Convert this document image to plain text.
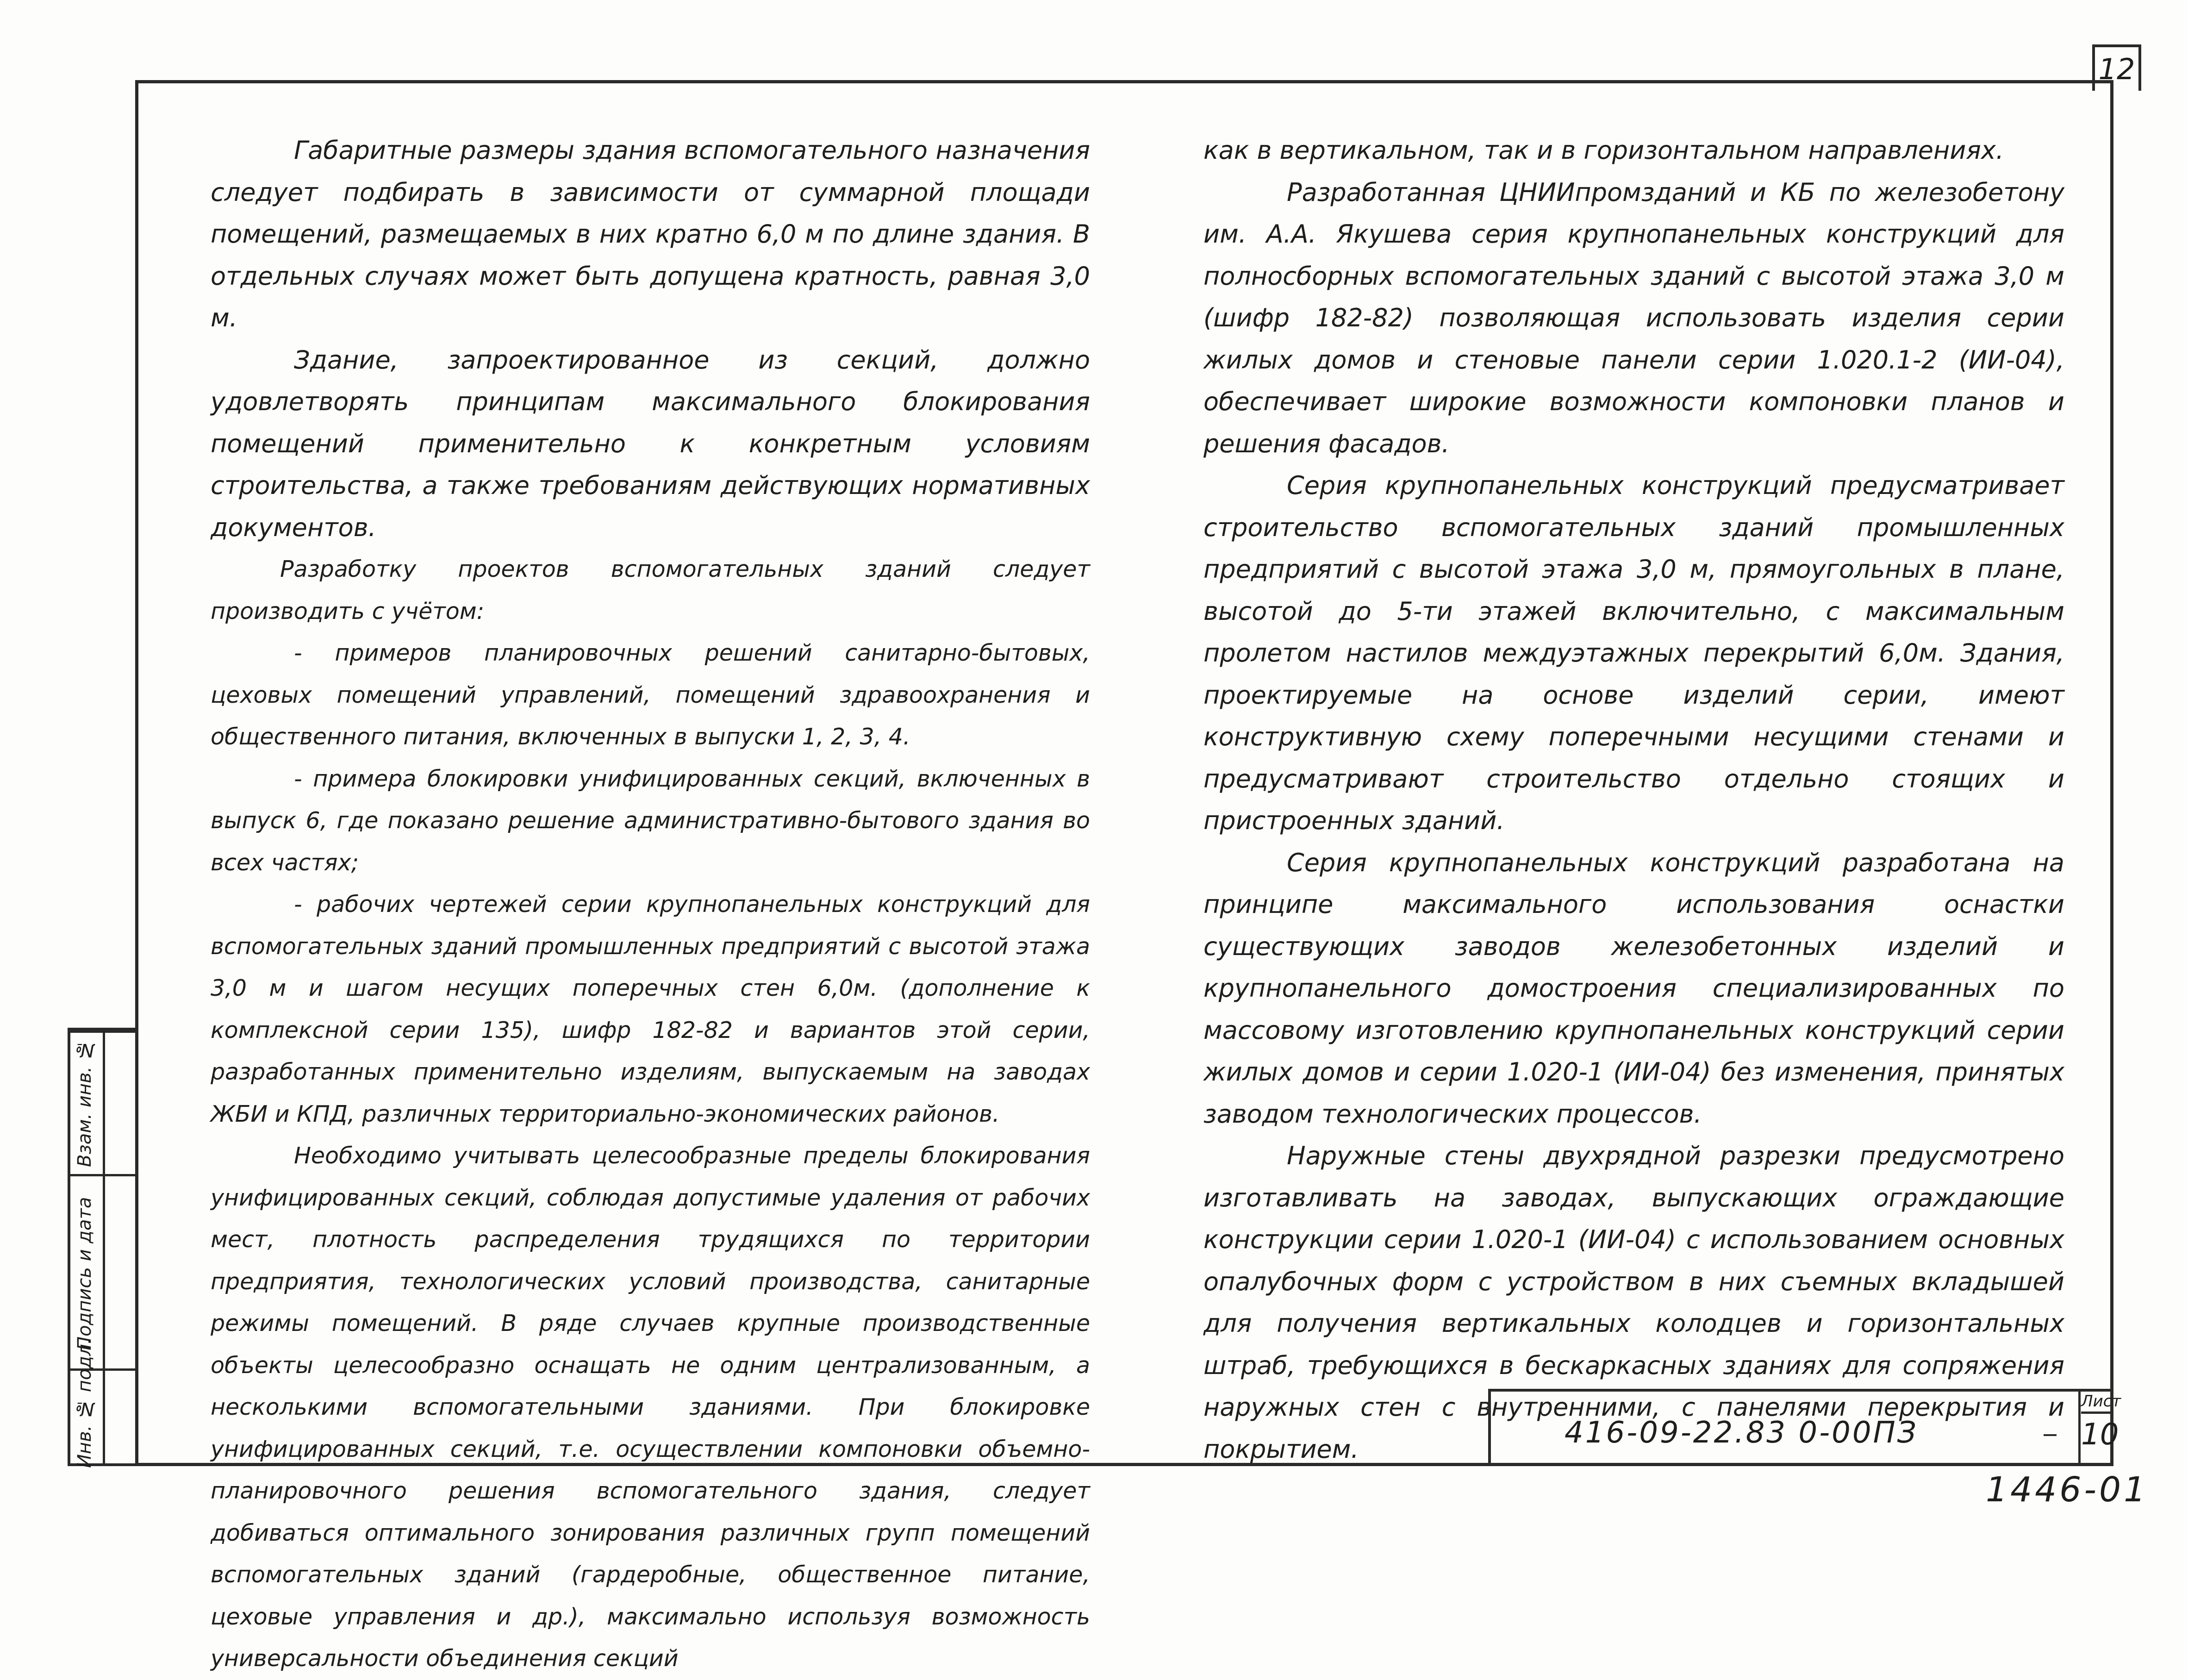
12

Габаритные размеры здания вспомогательного назначения следует подбирать в зависимости от суммарной площади помещений, размещаемых в них кратно 6,0 м по длине здания. В отдельных случаях может быть допущена кратность, равная 3,0 м.

Здание, запроектированное из секций, должно удовлетворять принципам максимального блокирования помещений применительно к конкретным условиям строительства, а также требованиям действующих нормативных документов.

Разработку проектов вспомогательных зданий следует производить с учётом:

- примеров планировочных решений санитарно-бытовых, цеховых помещений управлений, помещений здравоохранения и общественного питания, включенных в выпуски 1, 2, 3, 4.

- примера блокировки унифицированных секций, включенных в выпуск 6, где показано решение административно-бытового здания во всех частях;

- рабочих чертежей серии крупнопанельных конструкций для вспомогательных зданий промышленных предприятий с высотой этажа 3,0 м и шагом несущих поперечных стен 6,0м. (дополнение к комплексной серии 135), шифр 182-82 и вариантов этой серии, разработанных применительно изделиям, выпускаемым на заводах ЖБИ и КПД, различных территориально-экономических районов.

Необходимо учитывать целесообразные пределы блокирования унифицированных секций, соблюдая допустимые удаления от рабочих мест, плотность распределения трудящихся по территории предприятия, технологических условий производства, санитарные режимы помещений. В ряде случаев крупные производственные объекты целесообразно оснащать не одним централизованным, а несколькими вспомогательными зданиями. При блокировке унифицированных секций, т.е. осуществлении компоновки объемно-планировочного решения вспомогательного здания, следует добиваться оптимального зонирования различных групп помещений вспомогательных зданий (гардеробные, общественное питание, цеховые управления и др.), максимально используя возможность универсальности объединения секций

как в вертикальном, так и в горизонтальном направлениях.

Разработанная ЦНИИпромзданий и КБ по железобетону им. А.А. Якушева серия крупнопанельных конструкций для полносборных вспомогательных зданий с высотой этажа 3,0 м (шифр 182-82) позволяющая использовать изделия серии жилых домов и стеновые панели серии 1.020.1-2 (ИИ-04), обеспечивает широкие возможности компоновки планов и решения фасадов.

Серия крупнопанельных конструкций предусматривает строительство вспомогательных зданий промышленных предприятий с высотой этажа 3,0 м, прямоугольных в плане, высотой до 5-ти этажей включительно, с максимальным пролетом настилов междуэтажных перекрытий 6,0м. Здания, проектируемые на основе изделий серии, имеют конструктивную схему поперечными несущими стенами и предусматривают строительство отдельно стоящих и пристроенных зданий.

Серия крупнопанельных конструкций разработана на принципе максимального использования оснастки существующих заводов железобетонных изделий и крупнопанельного домостроения специализированных по массовому изготовлению крупнопанельных конструкций серии жилых домов и серии 1.020-1 (ИИ-04) без изменения, принятых заводом технологических процессов.

Наружные стены двухрядной разрезки предусмотрено изготавливать на заводах, выпускающих ограждающие конструкции серии 1.020-1 (ИИ-04) с использованием основных опалубочных форм с устройством в них съемных вкладышей для получения вертикальных колодцев и горизонтальных штраб, требующихся в бескаркасных зданиях для сопряжения наружных стен с внутренними, с панелями перекрытия и покрытием.

Взам. инв. №
Подпись и дата
Инв. № подл.	416-09-22.83 0-00ПЗ
Лист
10
1446-01
